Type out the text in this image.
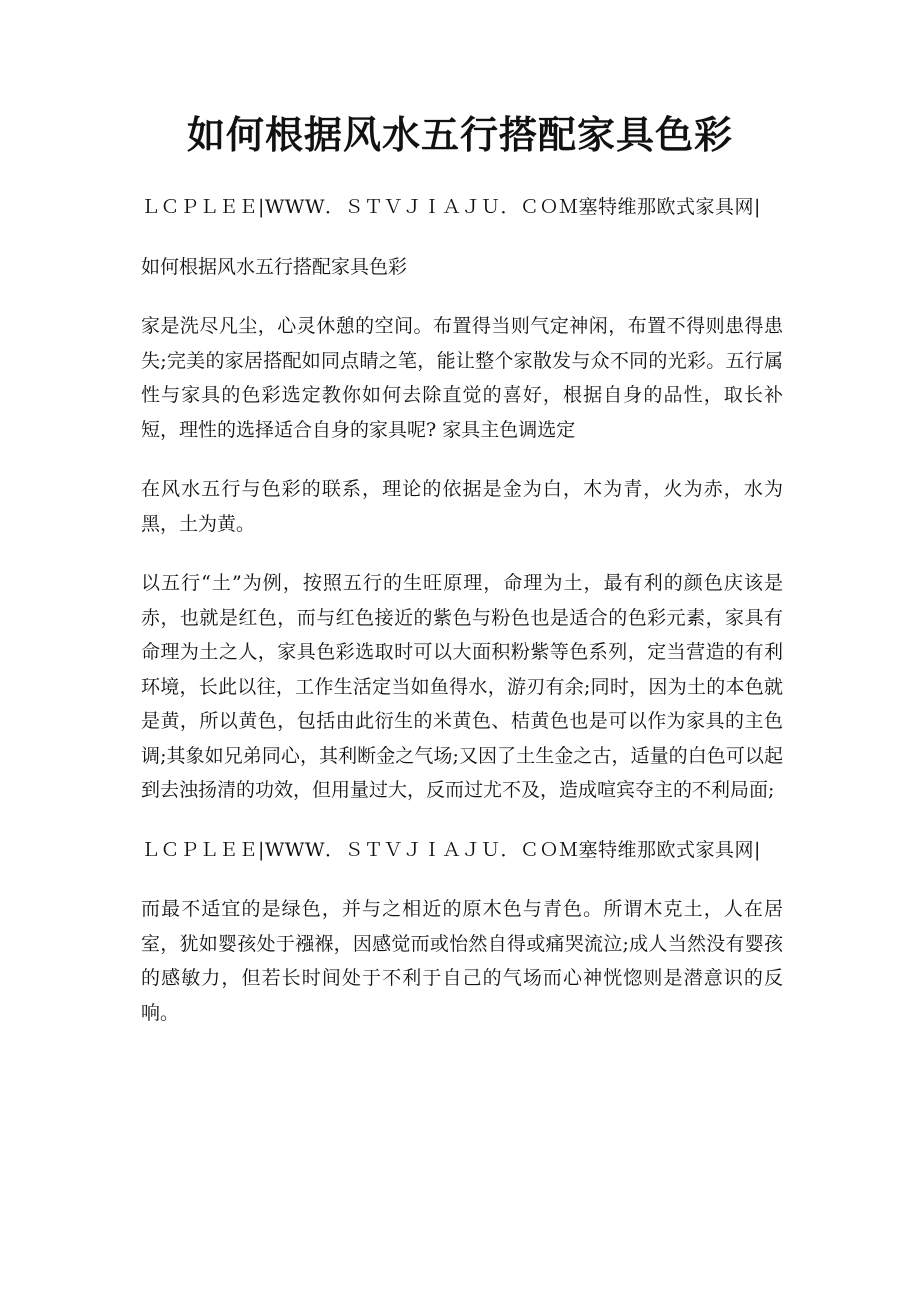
如何根据风水五行搭配家具色彩

ＬＣＰＬＥＥ|WWW．ＳＴＶＪＩＡＪＵ．ＣＯＭ塞特维那欧式家具网|

如何根据风水五行搭配家具色彩

家是洗尽凡尘，心灵休憩的空间。布置得当则气定神闲，布置不得则患得患失;完美的家居搭配如同点睛之笔，能让整个家散发与众不同的光彩。五行属性与家具的色彩选定教你如何去除直觉的喜好，根据自身的品性，取长补短，理性的选择适合自身的家具呢? 家具主色调选定

在风水五行与色彩的联系，理论的依据是金为白，木为青，火为赤，水为黑，土为黄。

以五行“土”为例，按照五行的生旺原理，命理为土，最有利的颜色庆该是赤，也就是红色，而与红色接近的紫色与粉色也是适合的色彩元素，家具有命理为土之人，家具色彩选取时可以大面积粉紫等色系列，定当营造的有利环境，长此以往，工作生活定当如鱼得水，游刃有余;同时，因为土的本色就是黄，所以黄色，包括由此衍生的米黄色、桔黄色也是可以作为家具的主色调;其象如兄弟同心，其利断金之气场;又因了土生金之古，适量的白色可以起到去浊扬清的功效，但用量过大，反而过尤不及，造成喧宾夺主的不利局面;

ＬＣＰＬＥＥ|WWW．ＳＴＶＪＩＡＪＵ．ＣＯＭ塞特维那欧式家具网|

而最不适宜的是绿色，并与之相近的原木色与青色。所谓木克土，人在居室，犹如婴孩处于襁褓，因感觉而或怡然自得或痛哭流泣;成人当然没有婴孩的感敏力，但若长时间处于不利于自己的气场而心神恍惚则是潜意识的反响。
